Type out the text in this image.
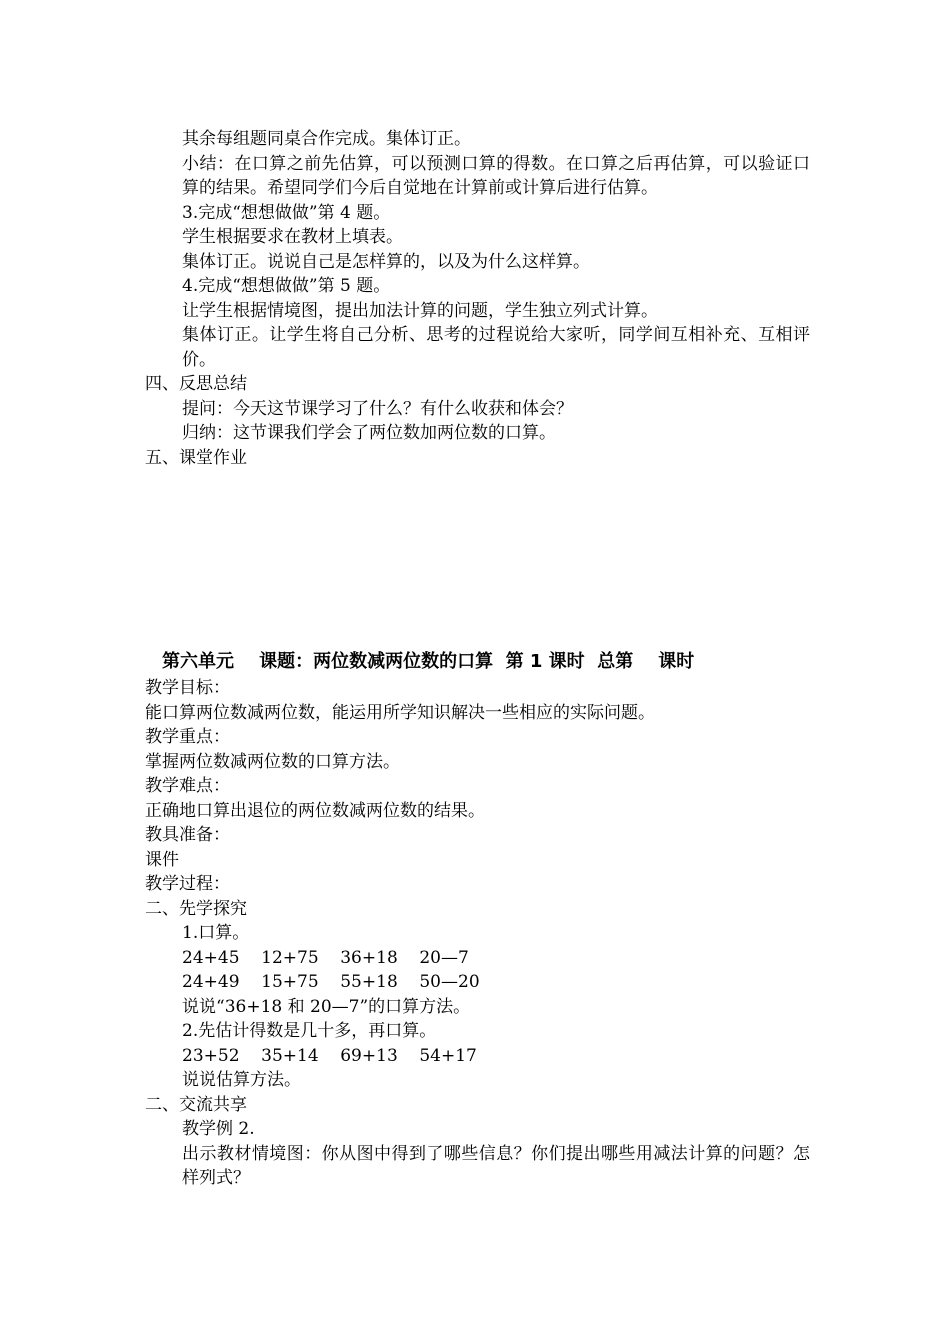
其余每组题同桌合作完成。集体订正。
小结：在口算之前先估算，可以预测口算的得数。在口算之后再估算，可以验证口算的结果。希望同学们今后自觉地在计算前或计算后进行估算。
3.完成“想想做做”第 4 题。
学生根据要求在教材上填表。
集体订正。说说自己是怎样算的，以及为什么这样算。
4.完成“想想做做”第 5 题。
让学生根据情境图，提出加法计算的问题，学生独立列式计算。
集体订正。让学生将自己分析、思考的过程说给大家听，同学间互相补充、互相评价。
四、反思总结
提问：今天这节课学习了什么？有什么收获和体会？
归纳：这节课我们学会了两位数加两位数的口算。
五、课堂作业
第六单元    课题：两位数减两位数的口算  第 1 课时  总第    课时
教学目标：
能口算两位数减两位数，能运用所学知识解决一些相应的实际问题。
教学重点：
掌握两位数减两位数的口算方法。
教学难点：
正确地口算出退位的两位数减两位数的结果。
教具准备：
课件
教学过程：
二、先学探究
1.口算。
24+45    12+75    36+18    20—7
24+49    15+75    55+18    50—20
说说“36+18 和 20—7”的口算方法。
2.先估计得数是几十多，再口算。
23+52    35+14    69+13    54+17
说说估算方法。
二、交流共享
教学例 2.
出示教材情境图：你从图中得到了哪些信息？你们提出哪些用减法计算的问题？怎样列式？
